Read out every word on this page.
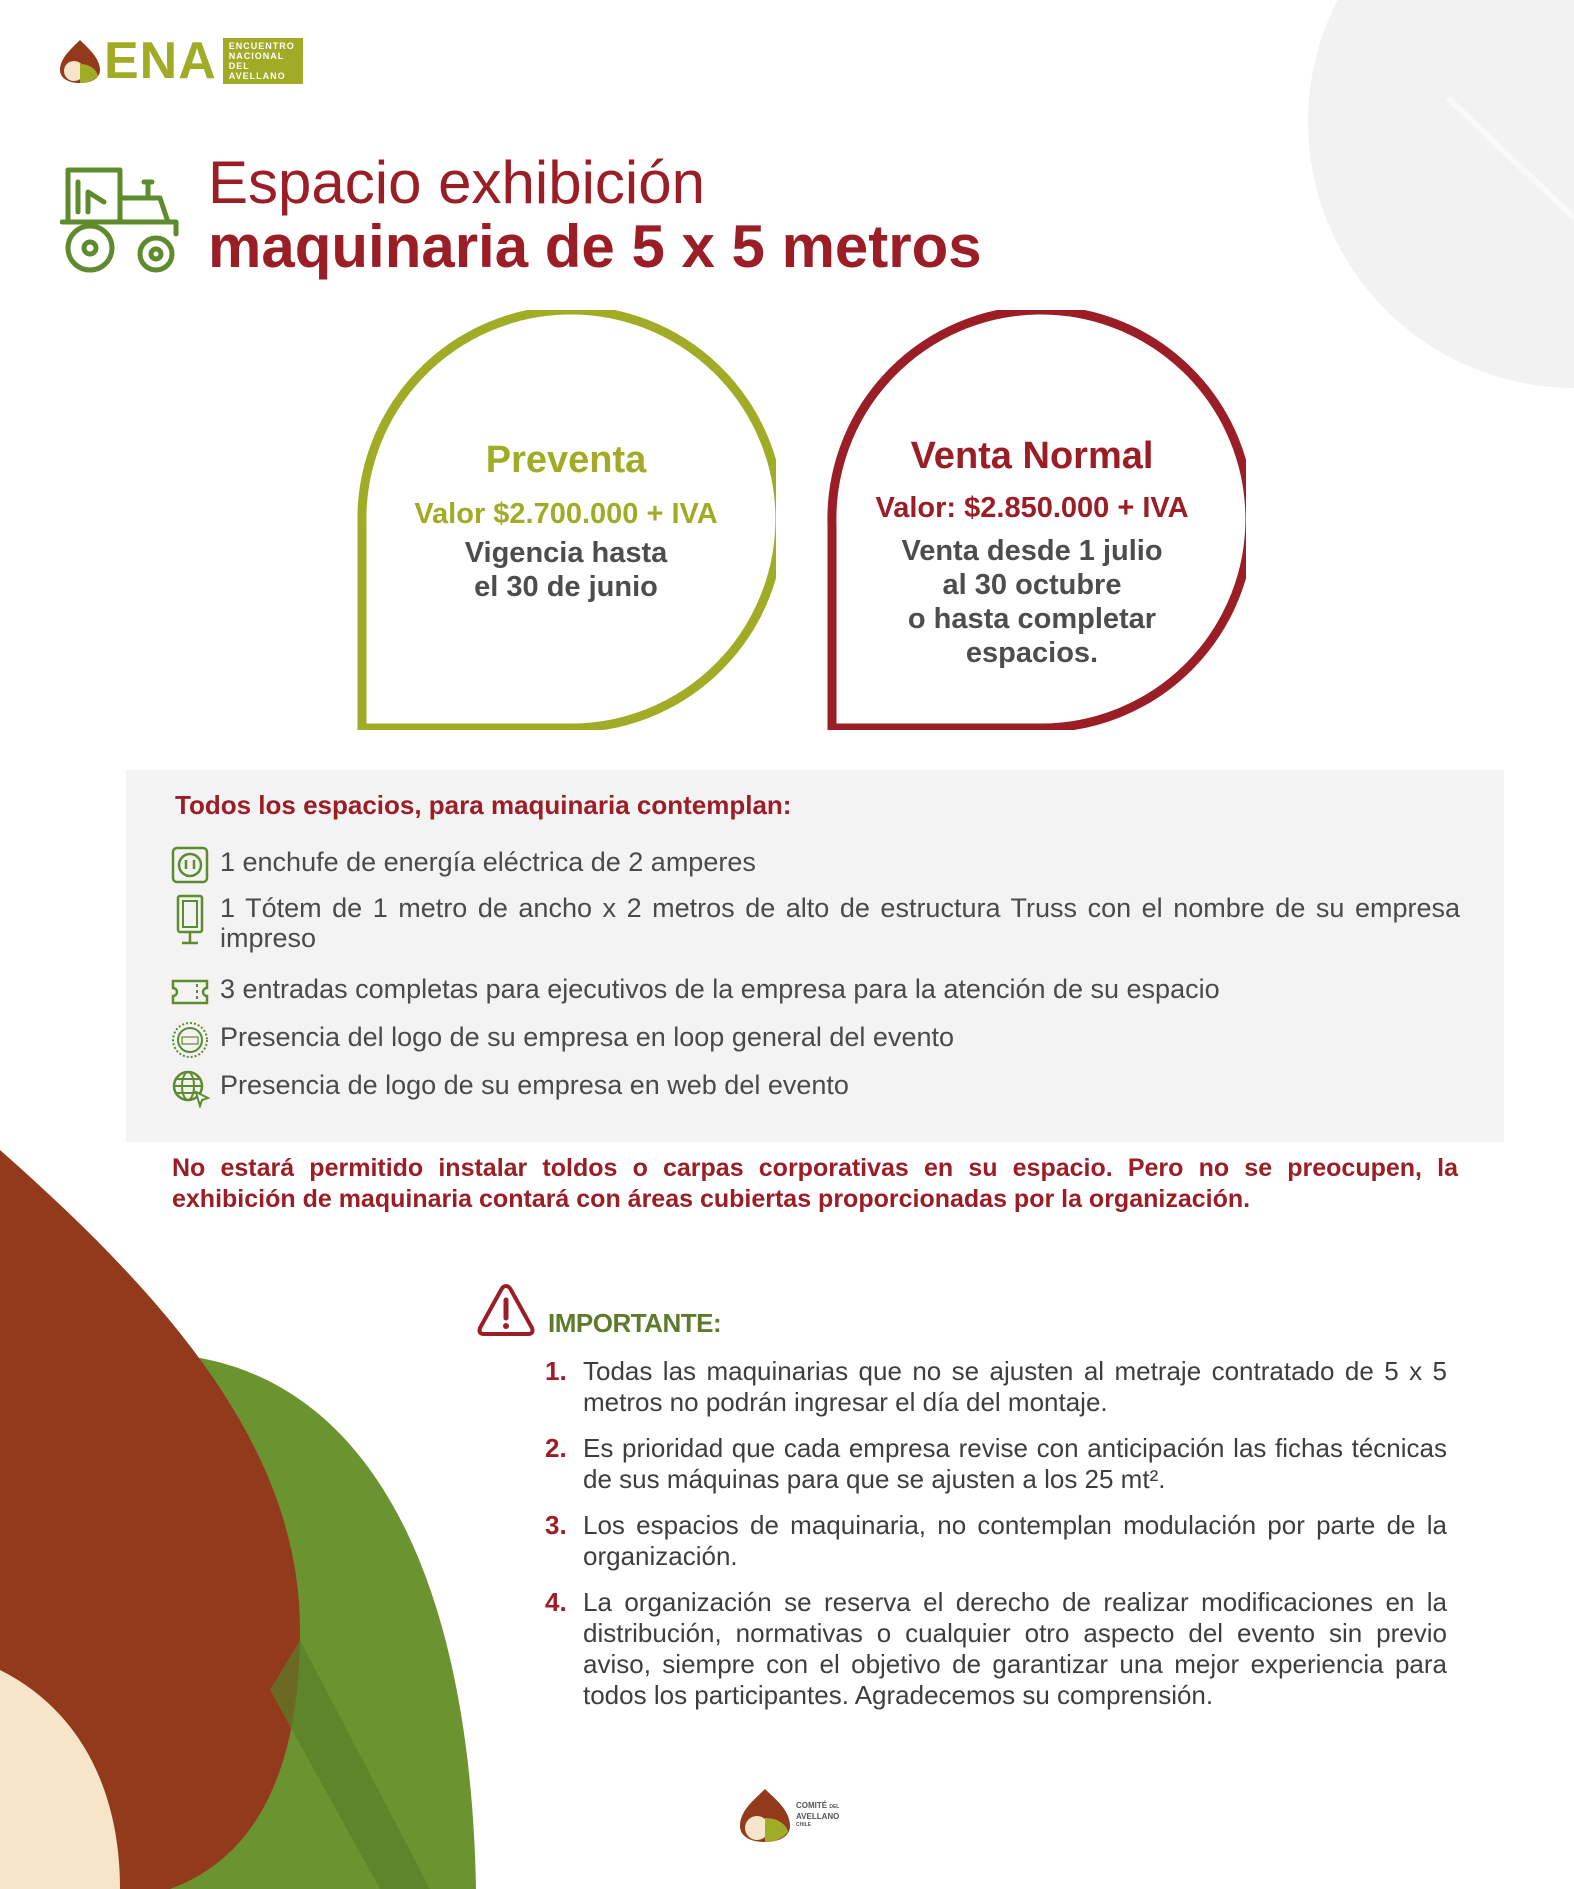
ENA ENCUENTRO
NACIONAL DEL
AVELLANO
Espacio exhibición
maquinaria de 5 x 5 metros
Preventa
Valor $2.700.000 + IVA
Vigencia hasta
el 30 de junio
Venta Normal
Valor: $2.850.000 + IVA
Venta desde 1 julio
al 30 octubre
o hasta completar
espacios.
Todos los espacios, para maquinaria contemplan:
1 enchufe de energía eléctrica de 2 amperes
1 Tótem de 1 metro de ancho x 2 metros de alto de estructura Truss con el nombre de su empresa impreso
3 entradas completas para ejecutivos de la empresa para la atención de su espacio
Presencia del logo de su empresa en loop general del evento
Presencia de logo de su empresa en web del evento
No estará permitido instalar toldos o carpas corporativas en su espacio. Pero no se preocupen, la exhibición de maquinaria contará con áreas cubiertas proporcionadas por la organización.
IMPORTANTE:
1. Todas las maquinarias que no se ajusten al metraje contratado de 5 x 5 metros no podrán ingresar el día del montaje.
2. Es prioridad que cada empresa revise con anticipación las fichas técnicas de sus máquinas para que se ajusten a los 25 mt².
3. Los espacios de maquinaria, no contemplan modulación por parte de la organización.
4. La organización se reserva el derecho de realizar modificaciones en la distribución, normativas o cualquier otro aspecto del evento sin previo aviso, siempre con el objetivo de garantizar una mejor experiencia para todos los participantes. Agradecemos su comprensión.
COMITÉ DEL
AVELLANO
CHILE
